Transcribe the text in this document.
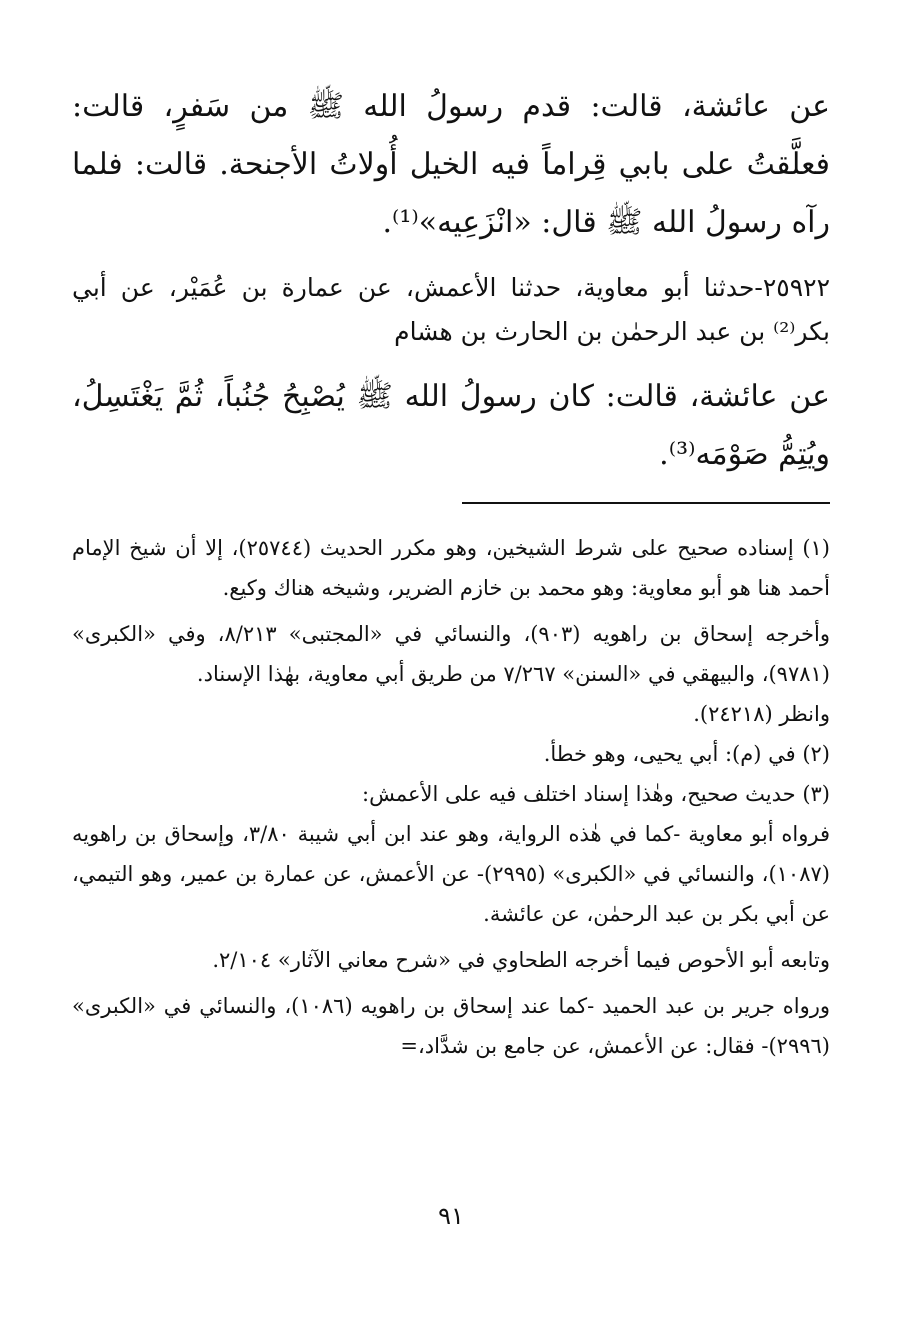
عن عائشة، قالت: قدم رسولُ الله ﷺ من سَفرٍ، قالت: فعلَّقتُ على بابي قِراماً فيه الخيل أُولاتُ الأجنحة. قالت: فلما رآه رسولُ الله ﷺ قال: «انْزَعِيه»⁽¹⁾.

٢٥٩٢٢-حدثنا أبو معاوية، حدثنا الأعمش، عن عمارة بن عُمَيْر، عن أبي بكر⁽²⁾ بن عبد الرحمٰن بن الحارث بن هشام

عن عائشة، قالت: كان رسولُ الله ﷺ يُصْبِحُ جُنُباً، ثُمَّ يَغْتَسِلُ، ويُتِمُّ صَوْمَه⁽³⁾.

(١) إسناده صحيح على شرط الشيخين، وهو مكرر الحديث (٢٥٧٤٤)، إلا أن شيخ الإمام أحمد هنا هو أبو معاوية: وهو محمد بن خازم الضرير، وشيخه هناك وكيع.

وأخرجه إسحاق بن راهويه (٩٠٣)، والنسائي في «المجتبى» ٨/٢١٣، وفي «الكبرى» (٩٧٨١)، والبيهقي في «السنن» ٧/٢٦٧ من طريق أبي معاوية، بهٰذا الإسناد.

وانظر (٢٤٢١٨).

(٢) في (م): أبي يحيى، وهو خطأ.

(٣) حديث صحيح، وهٰذا إسناد اختلف فيه على الأعمش:

فرواه أبو معاوية -كما في هٰذه الرواية، وهو عند ابن أبي شيبة ٣/٨٠، وإسحاق بن راهويه (١٠٨٧)، والنسائي في «الكبرى» (٢٩٩٥)- عن الأعمش، عن عمارة بن عمير، وهو التيمي، عن أبي بكر بن عبد الرحمٰن، عن عائشة.

وتابعه أبو الأحوص فيما أخرجه الطحاوي في «شرح معاني الآثار» ٢/١٠٤.

ورواه جرير بن عبد الحميد -كما عند إسحاق بن راهويه (١٠٨٦)، والنسائي في «الكبرى» (٢٩٩٦)- فقال: عن الأعمش، عن جامع بن شدَّاد،=

٩١
